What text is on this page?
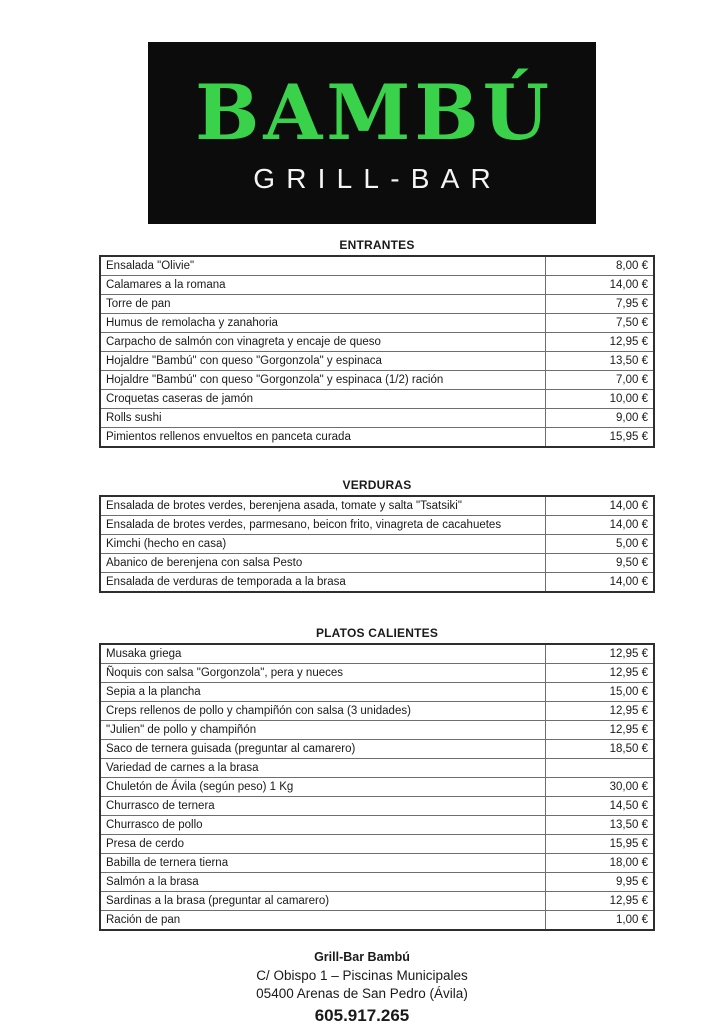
BAMBÚ
GRILL-BAR
ENTRANTES
Ensalada "Olivie"	8,00 €
Calamares a la romana	14,00 €
Torre de pan	7,95 €
Humus de remolacha y zanahoria	7,50 €
Carpacho de salmón con vinagreta y encaje de queso	12,95 €
Hojaldre "Bambú" con queso "Gorgonzola" y espinaca	13,50 €
Hojaldre "Bambú" con queso "Gorgonzola" y espinaca (1/2) ración	7,00 €
Croquetas caseras de jamón	10,00 €
Rolls sushi	9,00 €
Pimientos rellenos envueltos en panceta curada	15,95 €
VERDURAS
Ensalada de brotes verdes, berenjena asada, tomate y salta "Tsatsiki"	14,00 €
Ensalada de brotes verdes, parmesano, beicon frito, vinagreta de cacahuetes	14,00 €
Kimchi (hecho en casa)	5,00 €
Abanico de berenjena con salsa Pesto	9,50 €
Ensalada de verduras de temporada a la brasa	14,00 €
PLATOS CALIENTES
Musaka griega	12,95 €
Ñoquis con salsa "Gorgonzola", pera y nueces	12,95 €
Sepia a la plancha	15,00 €
Creps rellenos de pollo y champiñón con salsa (3 unidades)	12,95 €
"Julien" de pollo y champiñón	12,95 €
Saco de ternera guisada (preguntar al camarero)	18,50 €
Variedad de carnes a la brasa	
Chuletón de Ávila (según peso) 1 Kg	30,00 €
Churrasco de ternera	14,50 €
Churrasco de pollo	13,50 €
Presa de cerdo	15,95 €
Babilla de ternera tierna	18,00 €
Salmón a la brasa	9,95 €
Sardinas a la brasa (preguntar al camarero)	12,95 €
Ración de pan	1,00 €
Grill-Bar Bambú
C/ Obispo 1 – Piscinas Municipales
05400 Arenas de San Pedro (Ávila)
605.917.265
